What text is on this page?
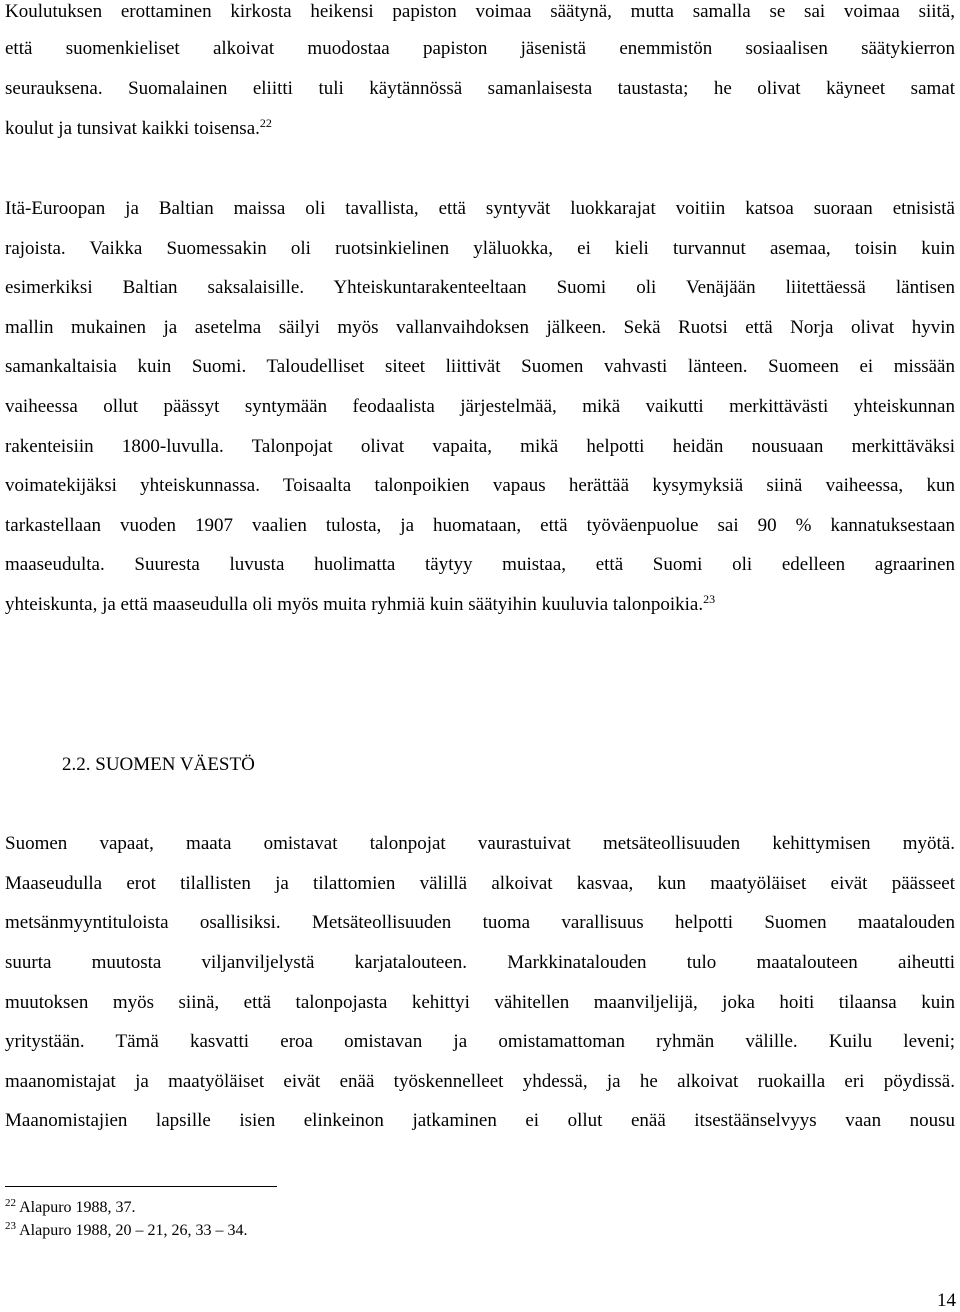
Koulutuksen erottaminen kirkosta heikensi papiston voimaa säätynä, mutta samalla se sai voimaa siitä,
että suomenkieliset alkoivat muodostaa papiston jäsenistä enemmistön sosiaalisen säätykierron
seurauksena. Suomalainen eliitti tuli käytännössä samanlaisesta taustasta; he olivat käyneet samat
koulut ja tunsivat kaikki toisensa.$^{22}$
Itä-Euroopan ja Baltian maissa oli tavallista, että syntyvät luokkarajat voitiin katsoa suoraan etnisistä
rajoista. Vaikka Suomessakin oli ruotsinkielinen yläluokka, ei kieli turvannut asemaa, toisin kuin
esimerkiksi Baltian saksalaisille. Yhteiskuntarakenteeltaan Suomi oli Venäjään liitettäessä läntisen
mallin mukainen ja asetelma säilyi myös vallanvaihdoksen jälkeen. Sekä Ruotsi että Norja olivat hyvin
samankaltaisia kuin Suomi. Taloudelliset siteet liittivät Suomen vahvasti länteen. Suomeen ei missään
vaiheessa ollut päässyt syntymään feodaalista järjestelmää, mikä vaikutti merkittävästi yhteiskunnan
rakenteisiin 1800-luvulla. Talonpojat olivat vapaita, mikä helpotti heidän nousuaan merkittäväksi
voimatekijäksi yhteiskunnassa. Toisaalta talonpoikien vapaus herättää kysymyksiä siinä vaiheessa, kun
tarkastellaan vuoden 1907 vaalien tulosta, ja huomataan, että työväenpuolue sai 90 % kannatuksestaan
maaseudulta. Suuresta luvusta huolimatta täytyy muistaa, että Suomi oli edelleen agraarinen
yhteiskunta, ja että maaseudulla oli myös muita ryhmiä kuin säätyihin kuuluvia talonpoikia.$^{23}$
2.2. SUOMEN VÄESTÖ
Suomen vapaat, maata omistavat talonpojat vaurastuivat metsäteollisuuden kehittymisen myötä.
Maaseudulla erot tilallisten ja tilattomien välillä alkoivat kasvaa, kun maatyöläiset eivät päässeet
metsänmyyntituloista osallisiksi. Metsäteollisuuden tuoma varallisuus helpotti Suomen maatalouden
suurta muutosta viljanviljelystä karjatalouteen. Markkinatalouden tulo maatalouteen aiheutti
muutoksen myös siinä, että talonpojasta kehittyi vähitellen maanviljelijä, joka hoiti tilaansa kuin
yritystään. Tämä kasvatti eroa omistavan ja omistamattoman ryhmän välille. Kuilu leveni;
maanomistajat ja maatyöläiset eivät enää työskennelleet yhdessä, ja he alkoivat ruokailla eri pöydissä.
Maanomistajien lapsille isien elinkeinon jatkaminen ei ollut enää itsestäänselvyys vaan nousu
$^{22}$ Alapuro 1988, 37.
$^{23}$ Alapuro 1988, 20 – 21, 26, 33 – 34.
14
